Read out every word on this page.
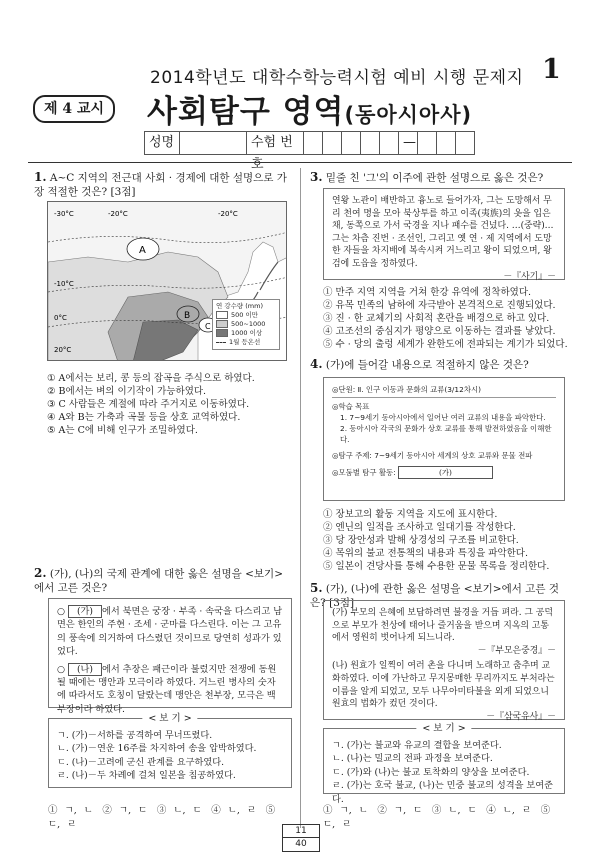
2014학년도 대학수학능력시험 예비 시행 문제지 1
제 4 교시	사회탐구 영역(동아시아사)
성명	수험 번호
—
1. A~C 지역의 전근대 사회 · 경제에 대한 설명으로 가장 적절한 것은? [3점]
A
B
C
-30°C	-20°C	-20°C
-10°C
0°C
20°C
연 강수량 (mm)
500 이만
500~1000
1000 이상
1월 등온선
① A에서는 보리, 콩 등의 잡곡을 주식으로 하였다.
② B에서는 벼의 이기작이 가능하였다.
③ C 사람들은 계절에 따라 주거지로 이동하였다.
④ A와 B는 가축과 곡물 등을 상호 교역하였다.
⑤ A는 C에 비해 인구가 조밀하였다.
2. (가), (나)의 국제 관계에 대한 옳은 설명을 <보기>에서 고른 것은?
○ (가) 에서 북면은 궁장 · 부족 · 속국을 다스리고 남면은 한인의 주현 · 조세 · 군마를 다스린다. 이는 그 고유의 풍속에 의거하여 다스렸던 것이므로 당연히 성과가 있었다.
○ (나) 에서 추장은 패근이라 불렀지만 전쟁에 동원될 때에는 맹안과 모극이라 하였다. 거느린 병사의 숫자에 따라서도 호칭이 달랐는데 맹안은 천부장, 모극은 백부장이라 하였다.
< 보 기 >
ㄱ. (가)－서하를 공격하여 무너뜨렸다.
ㄴ. (가)－연운 16주를 차지하여 송을 압박하였다.
ㄷ. (나)－고려에 군신 관계를 요구하였다.
ㄹ. (나)－두 차례에 걸쳐 일본을 침공하였다.
① ㄱ, ㄴ　② ㄱ, ㄷ　③ ㄴ, ㄷ　④ ㄴ, ㄹ　⑤ ㄷ, ㄹ
3. 밑줄 친 '그'의 이주에 관한 설명으로 옳은 것은?
연왕 노관이 배반하고 흉노로 들어가자, 그는 도망해서 무리 천여 명을 모아 북상투를 하고 이족(夷族)의 옷을 입은 채, 동쪽으로 가서 국경을 지나 패수를 건넜다. …(중략)… 그는 차츰 진번 · 조선인, 그리고 옛 연 · 제 지역에서 도망한 자들을 차지배에 복속시켜 거느리고 왕이 되었으며, 왕검에 도읍을 정하였다.
－『사기』－
① 만주 지역 지역을 거쳐 한강 유역에 정착하였다.
② 유목 민족의 남하에 자극받아 본격적으로 진행되었다.
③ 진 · 한 교체기의 사회적 혼란을 배경으로 하고 있다.
④ 고조선의 중심지가 평양으로 이동하는 결과를 낳았다.
⑤ 수 · 당의 출렁 세계가 완한도에 전파되는 계기가 되었다.
4. (가)에 들어갈 내용으로 적절하지 않은 것은?
◎단원: Ⅱ. 인구 이동과 문화의 교류(3/12차시)
◎학습 목표
1. 7~9세기 동아시아에서 일어난 여러 교류의 내용을 파악한다.
2. 동아시아 각국의 문화가 상호 교류를 통해 발전하였음을 이해한다.
◎탐구 주제: 7~9세기 동아시아 세계의 상호 교류와 문물 전파
◎모둠별 탐구 활동:	(가)
① 장보고의 활동 지역을 지도에 표시한다.
② 엔닌의 일적을 조사하고 일대기를 작성한다.
③ 당 장안성과 발해 상경성의 구조를 비교한다.
④ 목위의 불교 전통책의 내용과 특징을 파악한다.
⑤ 일본이 견당사를 통해 수용한 문물 목록을 정리한다.
5. (가), (나)에 관한 옳은 설명을 <보기>에서 고른 것은? [3점]
(가) 부모의 은혜에 보답하려면 불경을 거듭 펴라. 그 공덕으로 부모가 천상에 태어나 즐거움을 받으며 지옥의 고통에서 영원히 벗어나게 되느니라.
－『부모은중경』－
(나) 원효가 일찍이 여러 촌을 다니며 노래하고 춤추며 교화하였다. 이에 가난하고 무지몽매한 무리까지도 부처라는 이름을 알게 되었고, 모두 나무아미타불을 외게 되었으니 원효의 법화가 컸던 것이다.
－『삼국유사』－
< 보 기 >
ㄱ. (가)는 불교와 유교의 결합을 보여준다.
ㄴ. (나)는 밀교의 전파 과정을 보여준다.
ㄷ. (가)와 (나)는 불교 토착화의 양상을 보여준다.
ㄹ. (가)는 호국 불교, (나)는 민중 불교의 성격을 보여준다.
① ㄱ, ㄴ　② ㄱ, ㄷ　③ ㄴ, ㄷ　④ ㄴ, ㄹ　⑤ ㄷ, ㄹ
11
40
